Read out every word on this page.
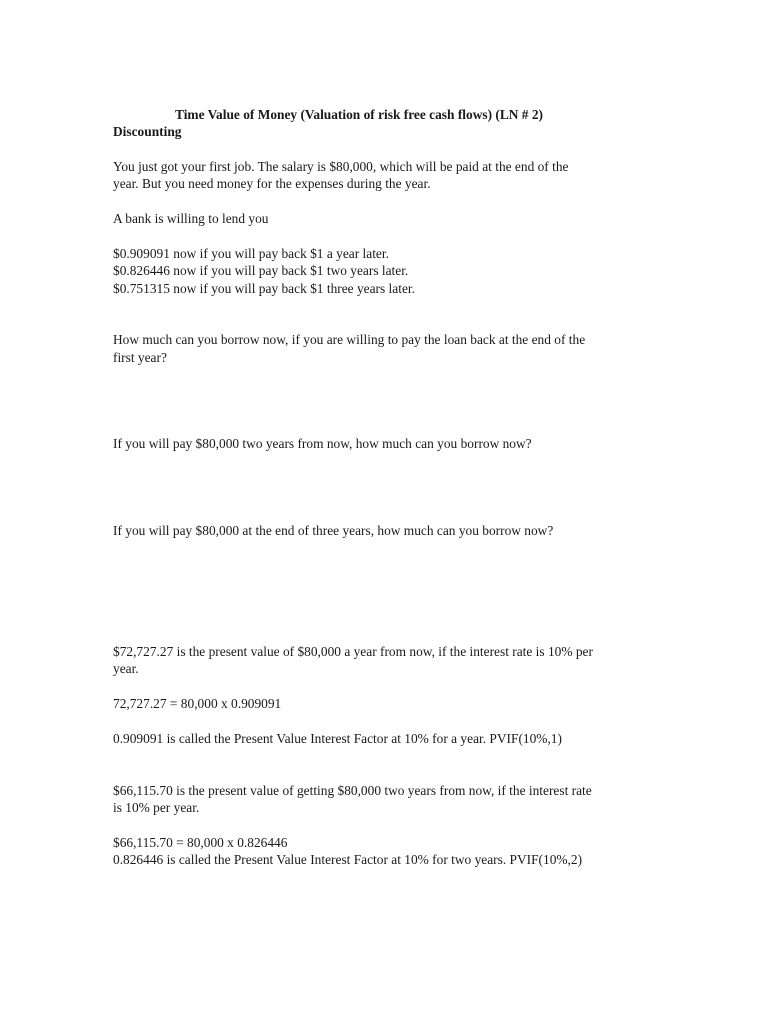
Time Value of Money (Valuation of risk free cash flows) (LN # 2)

Discounting

You just got your first job. The salary is $80,000, which will be paid at the end of the

year. But you need money for the expenses during the year.

A bank is willing to lend you

$0.909091 now if you will pay back $1 a year later.

$0.826446 now if you will pay back $1 two years later.

$0.751315 now if you will pay back $1 three years later.

How much can you borrow now, if you are willing to pay the loan back at the end of the

first year?

If you will pay $80,000 two years from now, how much can you borrow now?

If you will pay $80,000 at the end of three years, how much can you borrow now?

$72,727.27 is the present value of $80,000 a year from now, if the interest rate is 10% per

year.

72,727.27 = 80,000 x 0.909091

0.909091 is called the Present Value Interest Factor at 10% for a year. PVIF(10%,1)

$66,115.70 is the present value of getting $80,000 two years from now, if the interest rate

is 10% per year.

$66,115.70 = 80,000 x 0.826446

0.826446 is called the Present Value Interest Factor at 10% for two years. PVIF(10%,2)
